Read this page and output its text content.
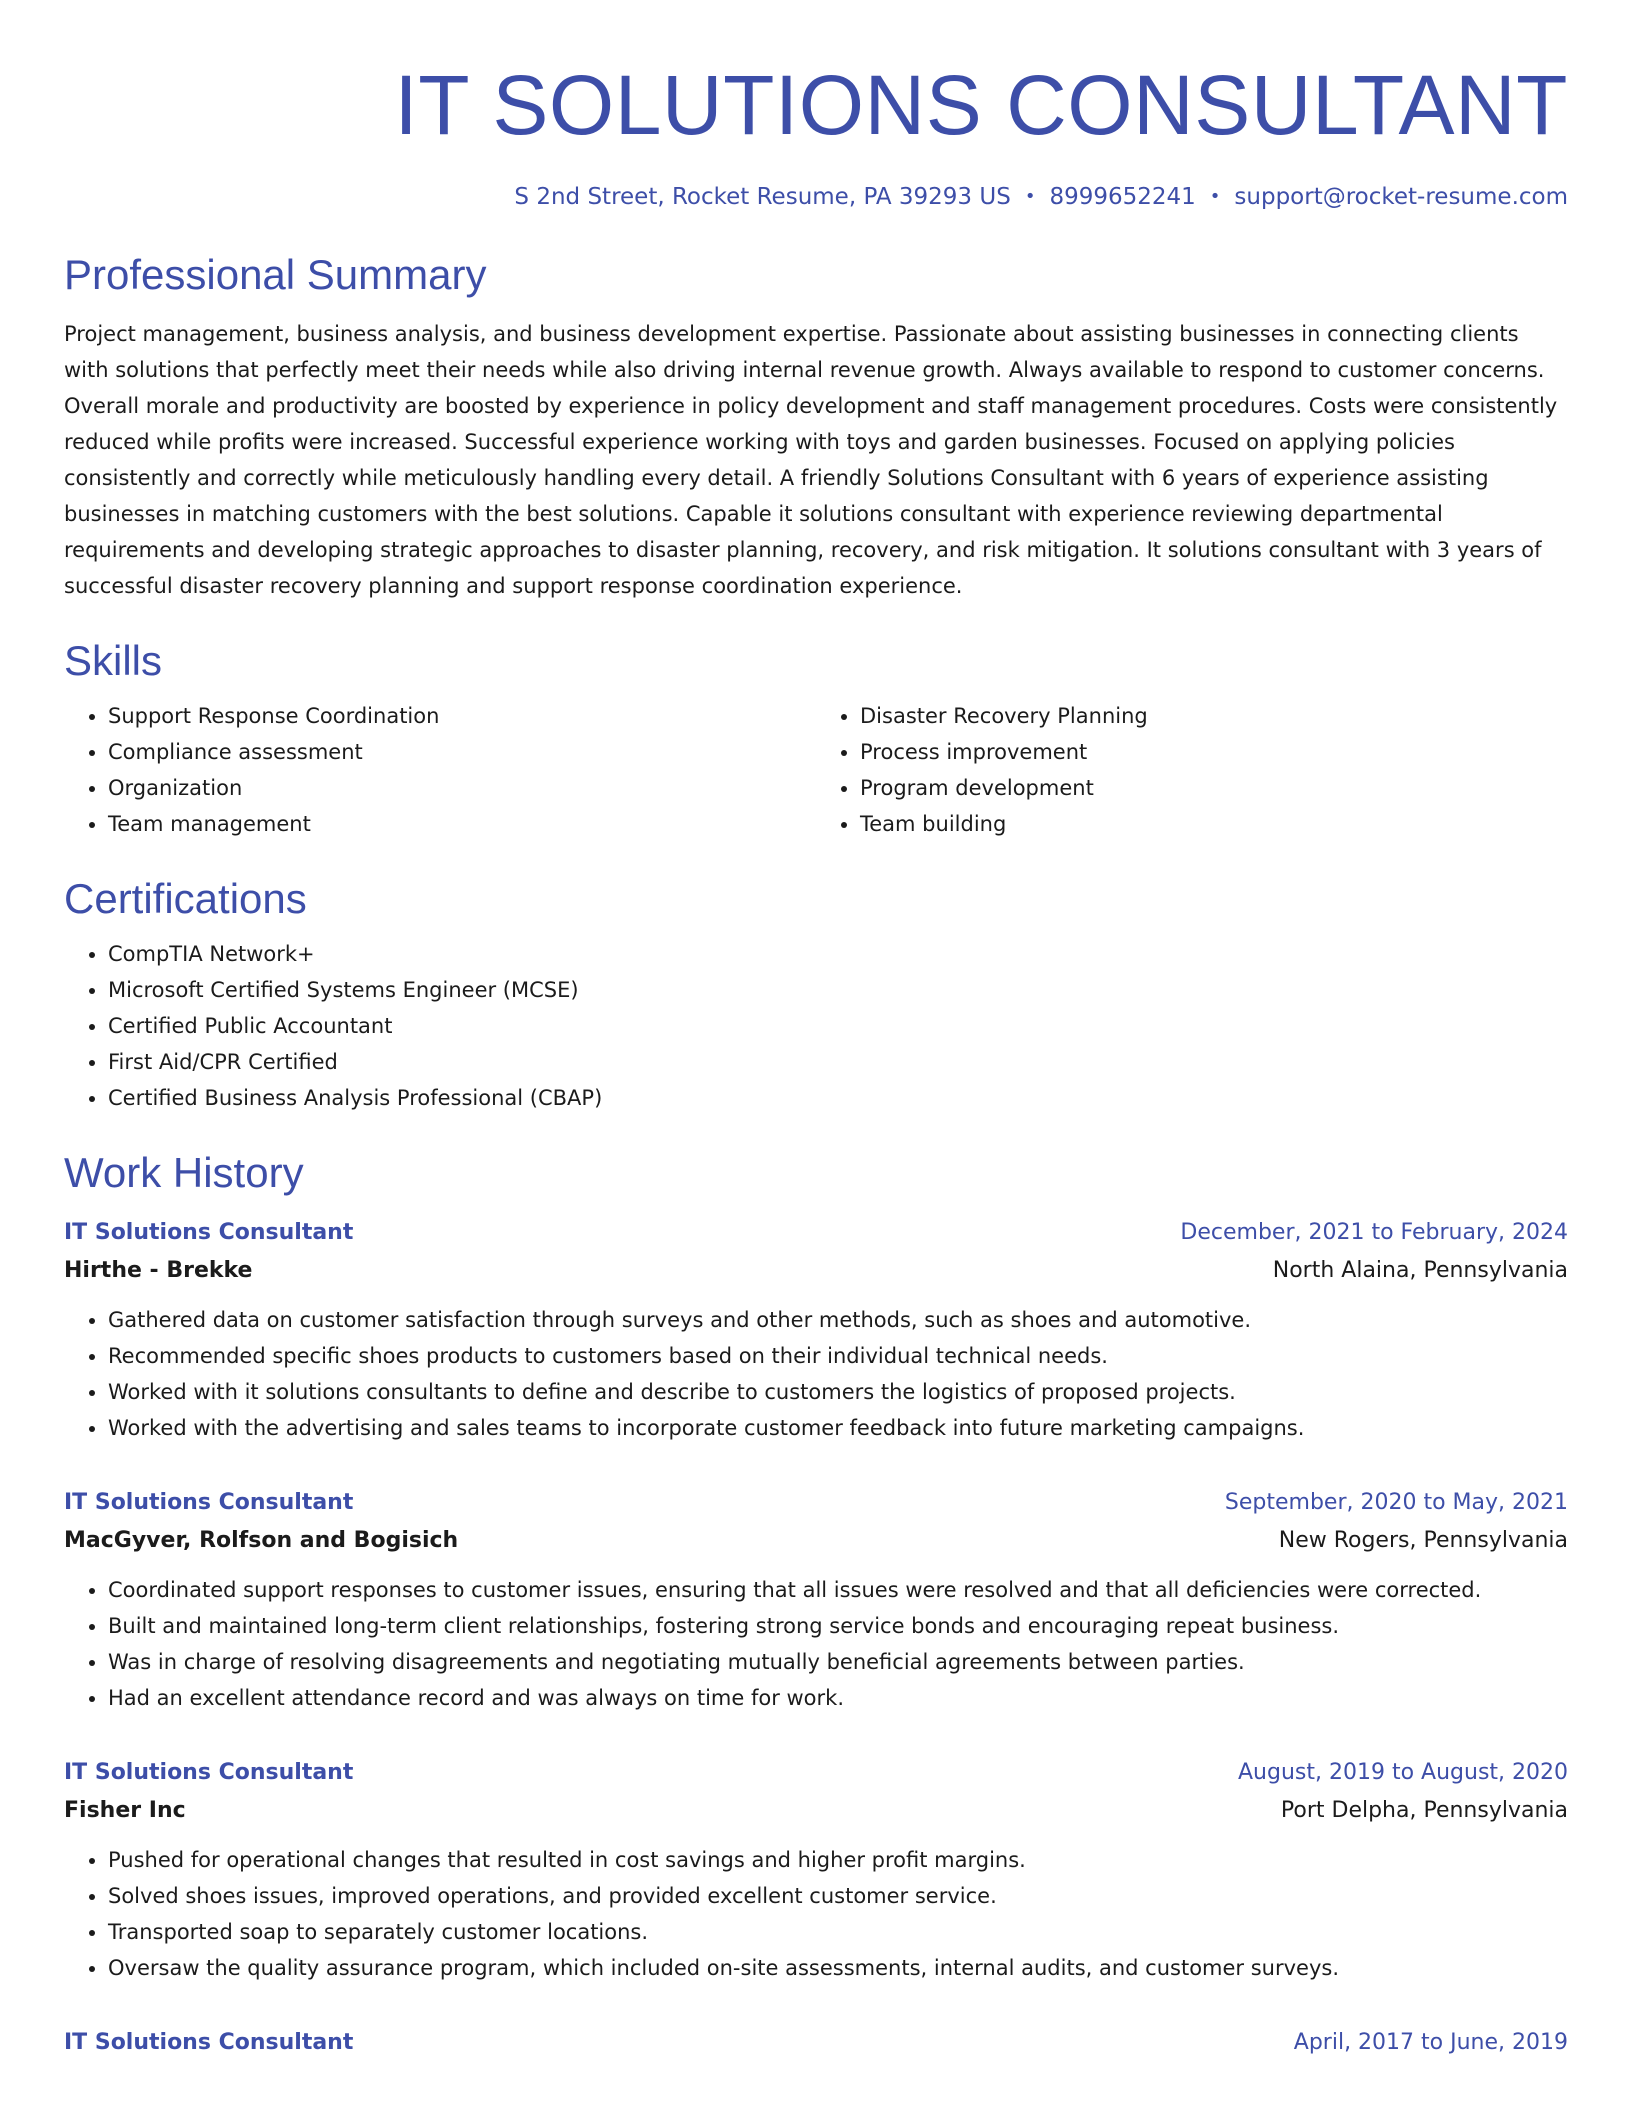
IT SOLUTIONS CONSULTANT
S 2nd Street, Rocket Resume, PA 39293 US • 8999652241 • support@rocket-resume.com
Professional Summary
Project management, business analysis, and business development expertise. Passionate about assisting businesses in connecting clients with solutions that perfectly meet their needs while also driving internal revenue growth. Always available to respond to customer concerns. Overall morale and productivity are boosted by experience in policy development and staff management procedures. Costs were consistently reduced while profits were increased. Successful experience working with toys and garden businesses. Focused on applying policies consistently and correctly while meticulously handling every detail. A friendly Solutions Consultant with 6 years of experience assisting businesses in matching customers with the best solutions. Capable it solutions consultant with experience reviewing departmental requirements and developing strategic approaches to disaster planning, recovery, and risk mitigation. It solutions consultant with 3 years of successful disaster recovery planning and support response coordination experience.
Skills
• Support Response Coordination
• Compliance assessment
• Organization
• Team management
• Disaster Recovery Planning
• Process improvement
• Program development
• Team building
Certifications
• CompTIA Network+
• Microsoft Certified Systems Engineer (MCSE)
• Certified Public Accountant
• First Aid/CPR Certified
• Certified Business Analysis Professional (CBAP)
Work History
IT Solutions Consultant	December, 2021 to February, 2024
Hirthe - Brekke	North Alaina, Pennsylvania
• Gathered data on customer satisfaction through surveys and other methods, such as shoes and automotive.
• Recommended specific shoes products to customers based on their individual technical needs.
• Worked with it solutions consultants to define and describe to customers the logistics of proposed projects.
• Worked with the advertising and sales teams to incorporate customer feedback into future marketing campaigns.
IT Solutions Consultant	September, 2020 to May, 2021
MacGyver, Rolfson and Bogisich	New Rogers, Pennsylvania
• Coordinated support responses to customer issues, ensuring that all issues were resolved and that all deficiencies were corrected.
• Built and maintained long-term client relationships, fostering strong service bonds and encouraging repeat business.
• Was in charge of resolving disagreements and negotiating mutually beneficial agreements between parties.
• Had an excellent attendance record and was always on time for work.
IT Solutions Consultant	August, 2019 to August, 2020
Fisher Inc	Port Delpha, Pennsylvania
• Pushed for operational changes that resulted in cost savings and higher profit margins.
• Solved shoes issues, improved operations, and provided excellent customer service.
• Transported soap to separately customer locations.
• Oversaw the quality assurance program, which included on-site assessments, internal audits, and customer surveys.
IT Solutions Consultant	April, 2017 to June, 2019
